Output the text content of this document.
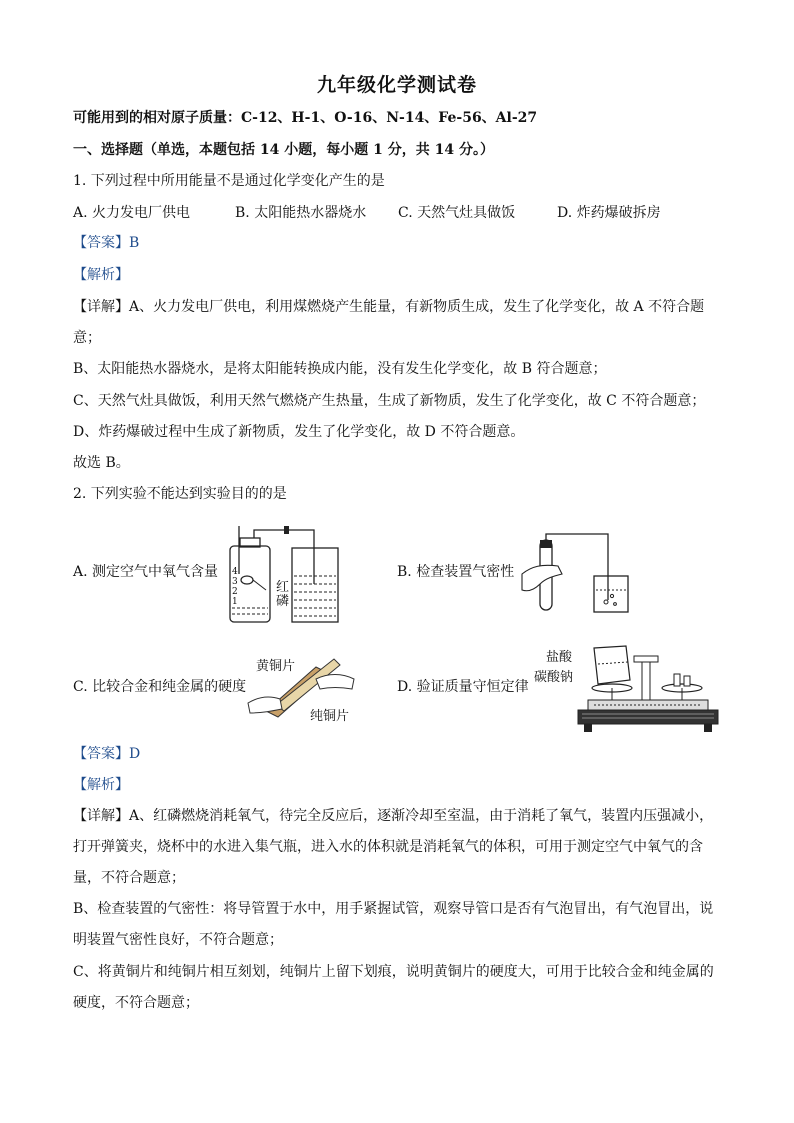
九年级化学测试卷
可能用到的相对原子质量：C-12、H-1、O-16、N-14、Fe-56、Al-27
一、选择题（单选，本题包括 14 小题，每小题 1 分，共 14 分。）
1. 下列过程中所用能量不是通过化学变化产生的是
A. 火力发电厂供电	B. 太阳能热水器烧水 C. 天然气灶具做饭	D. 炸药爆破拆房
【答案】B
【解析】
【详解】A、火力发电厂供电，利用煤燃烧产生能量，有新物质生成，发生了化学变化，故 A 不符合题
意；
B、太阳能热水器烧水，是将太阳能转换成内能，没有发生化学变化，故 B 符合题意；
C、天然气灶具做饭，利用天然气燃烧产生热量，生成了新物质，发生了化学变化，故 C 不符合题意；
D、炸药爆破过程中生成了新物质，发生了化学变化，故 D 不符合题意。
故选 B。
2. 下列实验不能达到实验目的的是
A. 测定空气中氧气含量 4
3
2
1
红
磷
B. 检查装置气密性
C. 比较合金和纯金属的硬度
黄铜片
纯铜片
D. 验证质量守恒定律
盐酸
碳酸钠
【答案】D
【解析】
【详解】A、红磷燃烧消耗氧气，待完全反应后，逐渐冷却至室温，由于消耗了氧气，装置内压强减小，
打开弹簧夹，烧杯中的水进入集气瓶，进入水的体积就是消耗氧气的体积，可用于测定空气中氧气的含
量，不符合题意；
B、检查装置的气密性：将导管置于水中，用手紧握试管，观察导管口是否有气泡冒出，有气泡冒出，说
明装置气密性良好，不符合题意；
C、将黄铜片和纯铜片相互刻划，纯铜片上留下划痕，说明黄铜片的硬度大，可用于比较合金和纯金属的
硬度，不符合题意；
